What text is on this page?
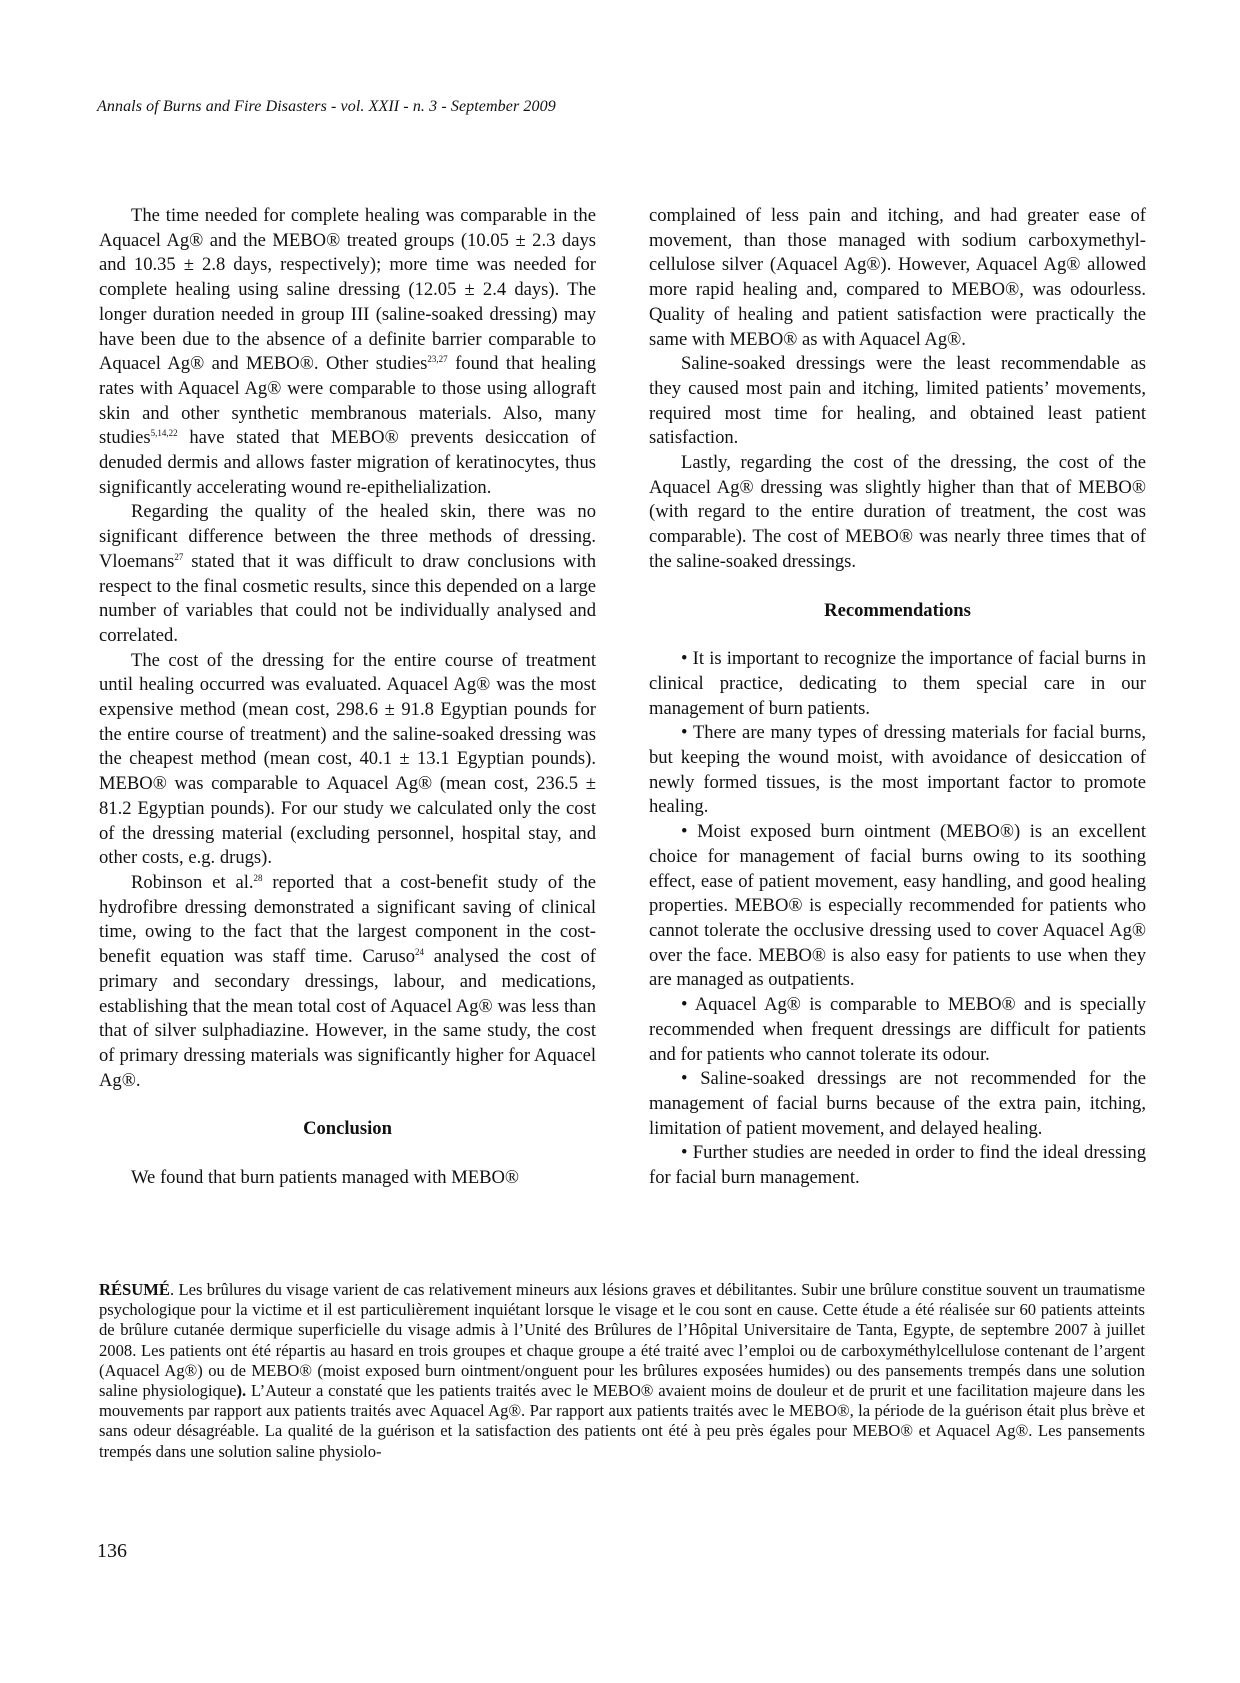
Annals of Burns and Fire Disasters - vol. XXII - n. 3 - September 2009

The time needed for complete healing was comparable in the Aquacel Ag® and the MEBO® treated groups (10.05 ± 2.3 days and 10.35 ± 2.8 days, respectively); more time was needed for complete healing using saline dressing (12.05 ± 2.4 days). The longer duration needed in group III (saline-soaked dressing) may have been due to the absence of a definite barrier comparable to Aquacel Ag® and MEBO®. Other studies$^{23,27}$ found that healing rates with Aquacel Ag® were comparable to those using allograft skin and other synthetic membranous materials. Also, many studies$^{5,14,22}$ have stated that MEBO® prevents desiccation of denuded dermis and allows faster migration of keratinocytes, thus significantly accelerating wound re-epithelialization.

Regarding the quality of the healed skin, there was no significant difference between the three methods of dressing. Vloemans$^{27}$ stated that it was difficult to draw conclusions with respect to the final cosmetic results, since this depended on a large number of variables that could not be individually analysed and correlated.

The cost of the dressing for the entire course of treatment until healing occurred was evaluated. Aquacel Ag® was the most expensive method (mean cost, 298.6 ± 91.8 Egyptian pounds for the entire course of treatment) and the saline-soaked dressing was the cheapest method (mean cost, 40.1 ± 13.1 Egyptian pounds). MEBO® was comparable to Aquacel Ag® (mean cost, 236.5 ± 81.2 Egyptian pounds). For our study we calculated only the cost of the dressing material (excluding personnel, hospital stay, and other costs, e.g. drugs).

Robinson et al.$^{28}$ reported that a cost-benefit study of the hydrofibre dressing demonstrated a significant saving of clinical time, owing to the fact that the largest component in the cost-benefit equation was staff time. Caruso$^{24}$ analysed the cost of primary and secondary dressings, labour, and medications, establishing that the mean total cost of Aquacel Ag® was less than that of silver sulphadiazine. However, in the same study, the cost of primary dressing materials was significantly higher for Aquacel Ag®.

Conclusion

We found that burn patients managed with MEBO®

complained of less pain and itching, and had greater ease of movement, than those managed with sodium carboxymethyl-cellulose silver (Aquacel Ag®). However, Aquacel Ag® allowed more rapid healing and, compared to MEBO®, was odourless. Quality of healing and patient satisfaction were practically the same with MEBO® as with Aquacel Ag®.

Saline-soaked dressings were the least recommendable as they caused most pain and itching, limited patients’ movements, required most time for healing, and obtained least patient satisfaction.

Lastly, regarding the cost of the dressing, the cost of the Aquacel Ag® dressing was slightly higher than that of MEBO® (with regard to the entire duration of treatment, the cost was comparable). The cost of MEBO® was nearly three times that of the saline-soaked dressings.

Recommendations

• It is important to recognize the importance of facial burns in clinical practice, dedicating to them special care in our management of burn patients.

• There are many types of dressing materials for facial burns, but keeping the wound moist, with avoidance of desiccation of newly formed tissues, is the most important factor to promote healing.

• Moist exposed burn ointment (MEBO®) is an excellent choice for management of facial burns owing to its soothing effect, ease of patient movement, easy handling, and good healing properties. MEBO® is especially recommended for patients who cannot tolerate the occlusive dressing used to cover Aquacel Ag® over the face. MEBO® is also easy for patients to use when they are managed as outpatients.

• Aquacel Ag® is comparable to MEBO® and is specially recommended when frequent dressings are difficult for patients and for patients who cannot tolerate its odour.

• Saline-soaked dressings are not recommended for the management of facial burns because of the extra pain, itching, limitation of patient movement, and delayed healing.

• Further studies are needed in order to find the ideal dressing for facial burn management.

RÉSUMÉ. Les brûlures du visage varient de cas relativement mineurs aux lésions graves et débilitantes. Subir une brûlure constitue souvent un traumatisme psychologique pour la victime et il est particulièrement inquiétant lorsque le visage et le cou sont en cause. Cette étude a été réalisée sur 60 patients atteints de brûlure cutanée dermique superficielle du visage admis à l’Unité des Brûlures de l’Hôpital Universitaire de Tanta, Egypte, de septembre 2007 à juillet 2008. Les patients ont été répartis au hasard en trois groupes et chaque groupe a été traité avec l’emploi ou de carboxyméthylcellulose contenant de l’argent (Aquacel Ag®) ou de MEBO® (moist exposed burn ointment/onguent pour les brûlures exposées humides) ou des pansements trempés dans une solution saline physiologique). L’Auteur a constaté que les patients traités avec le MEBO® avaient moins de douleur et de prurit et une facilitation majeure dans les mouvements par rapport aux patients traités avec Aquacel Ag®. Par rapport aux patients traités avec le MEBO®, la période de la guérison était plus brève et sans odeur désagréable. La qualité de la guérison et la satisfaction des patients ont été à peu près égales pour MEBO® et Aquacel Ag®. Les pansements trempés dans une solution saline physiolo-

136
